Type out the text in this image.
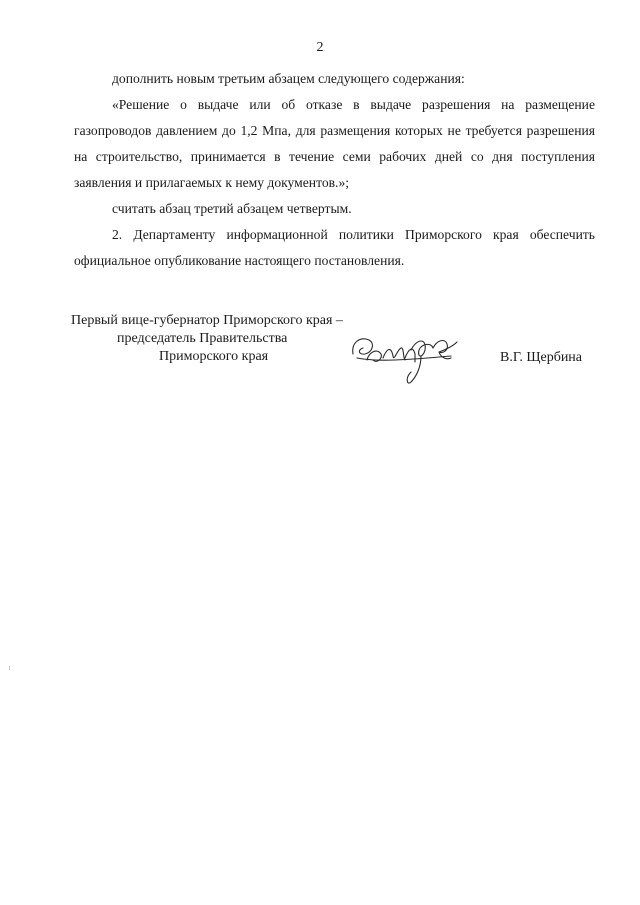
2

дополнить новым третьим абзацем следующего содержания:

«Решение о выдаче или об отказе в выдаче разрешения на размещение газопроводов давлением до 1,2 Мпа, для размещения которых не требуется разрешения на строительство, принимается в течение семи рабочих дней со дня поступления заявления и прилагаемых к нему документов.»;

считать абзац третий абзацем четвертым.

2. Департаменту информационной политики Приморского края обеспечить официальное опубликование настоящего постановления.

Первый вице-губернатор Приморского края –
председатель Правительства
Приморского края	В.Г. Щербина
